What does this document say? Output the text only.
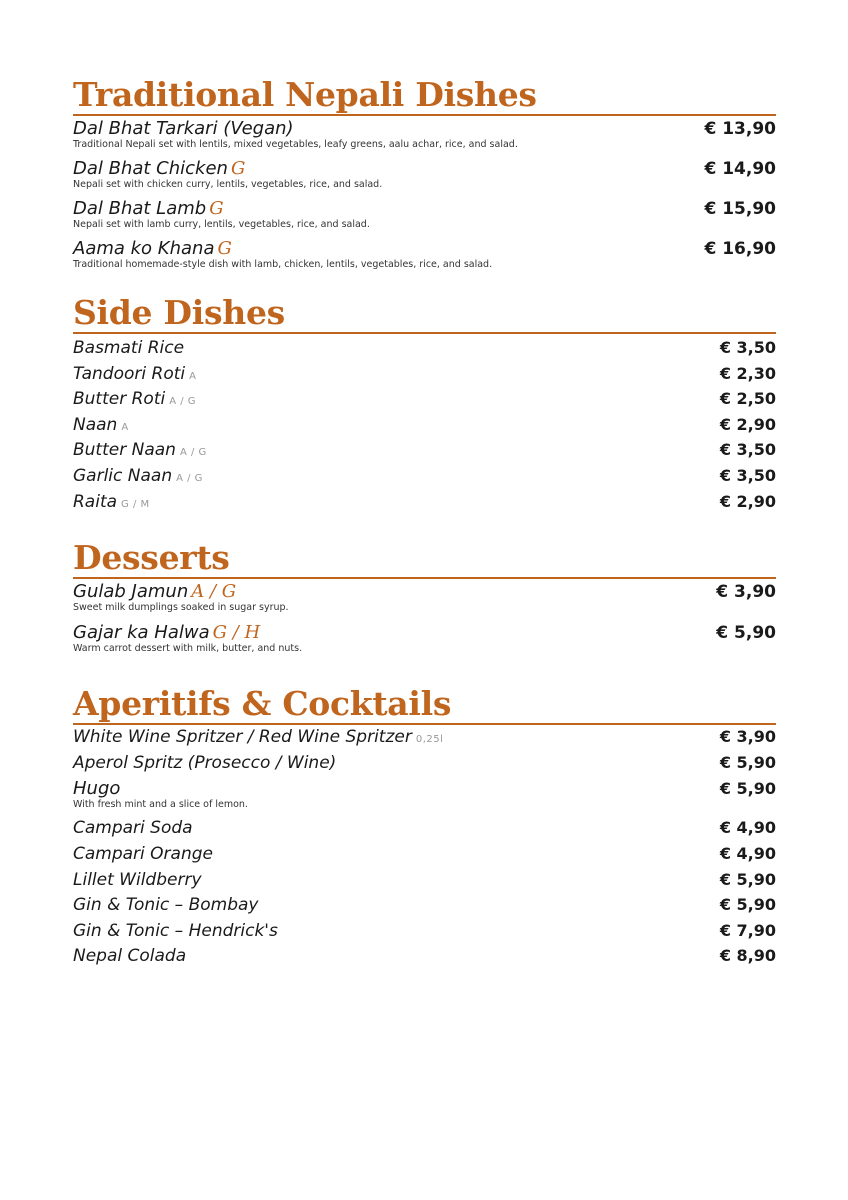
Traditional Nepali Dishes
Dal Bhat Tarkari (Vegan)	€ 13,90
Traditional Nepali set with lentils, mixed vegetables, leafy greens, aalu achar, rice, and salad.
Dal Bhat Chicken G	€ 14,90
Nepali set with chicken curry, lentils, vegetables, rice, and salad.
Dal Bhat Lamb G	€ 15,90
Nepali set with lamb curry, lentils, vegetables, rice, and salad.
Aama ko Khana G	€ 16,90
Traditional homemade-style dish with lamb, chicken, lentils, vegetables, rice, and salad.
Side Dishes
Basmati Rice	€ 3,50
Tandoori Roti A	€ 2,30
Butter Roti A / G	€ 2,50
Naan A	€ 2,90
Butter Naan A / G	€ 3,50
Garlic Naan A / G	€ 3,50
Raita G / M	€ 2,90
Desserts
Gulab Jamun A / G	€ 3,90
Sweet milk dumplings soaked in sugar syrup.
Gajar ka Halwa G / H	€ 5,90
Warm carrot dessert with milk, butter, and nuts.
Aperitifs & Cocktails
White Wine Spritzer / Red Wine Spritzer 0,25l	€ 3,90
Aperol Spritz (Prosecco / Wine)	€ 5,90
Hugo	€ 5,90
With fresh mint and a slice of lemon.
Campari Soda	€ 4,90
Campari Orange	€ 4,90
Lillet Wildberry	€ 5,90
Gin & Tonic – Bombay	€ 5,90
Gin & Tonic – Hendrick's	€ 7,90
Nepal Colada	€ 8,90
